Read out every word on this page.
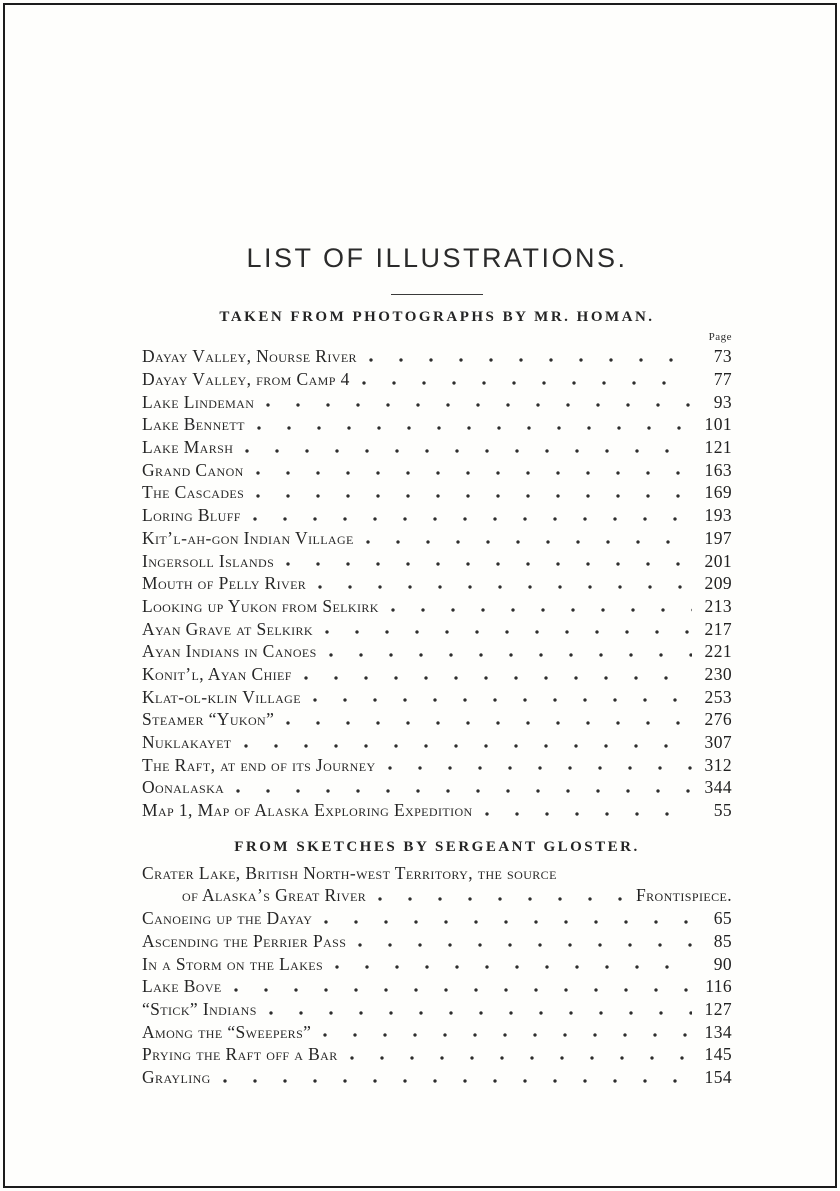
LIST OF ILLUSTRATIONS.
TAKEN FROM PHOTOGRAPHS BY MR. HOMAN.
Page
Dayay Valley, Nourse River	73
Dayay Valley, from Camp 4	77
Lake Lindeman	93
Lake Bennett	101
Lake Marsh	121
Grand Canon	163
The Cascades	169
Loring Bluff	193
Kit’l-ah-gon Indian Village	197
Ingersoll Islands	201
Mouth of Pelly River	209
Looking up Yukon from Selkirk	213
Ayan Grave at Selkirk	217
Ayan Indians in Canoes	221
Konit’l, Ayan Chief	230
Klat-ol-klin Village	253
Steamer “Yukon”	276
Nuklakayet	307
The Raft, at end of its Journey	312
Oonalaska	344
Map 1, Map of Alaska Exploring Expedition	55
FROM SKETCHES BY SERGEANT GLOSTER.
Crater Lake, British North-west Territory, the source
of Alaska’s Great River	Frontispiece.
Canoeing up the Dayay	65
Ascending the Perrier Pass	85
In a Storm on the Lakes	90
Lake Bove	116
“Stick” Indians	127
Among the “Sweepers”	134
Prying the Raft off a Bar	145
Grayling	154
